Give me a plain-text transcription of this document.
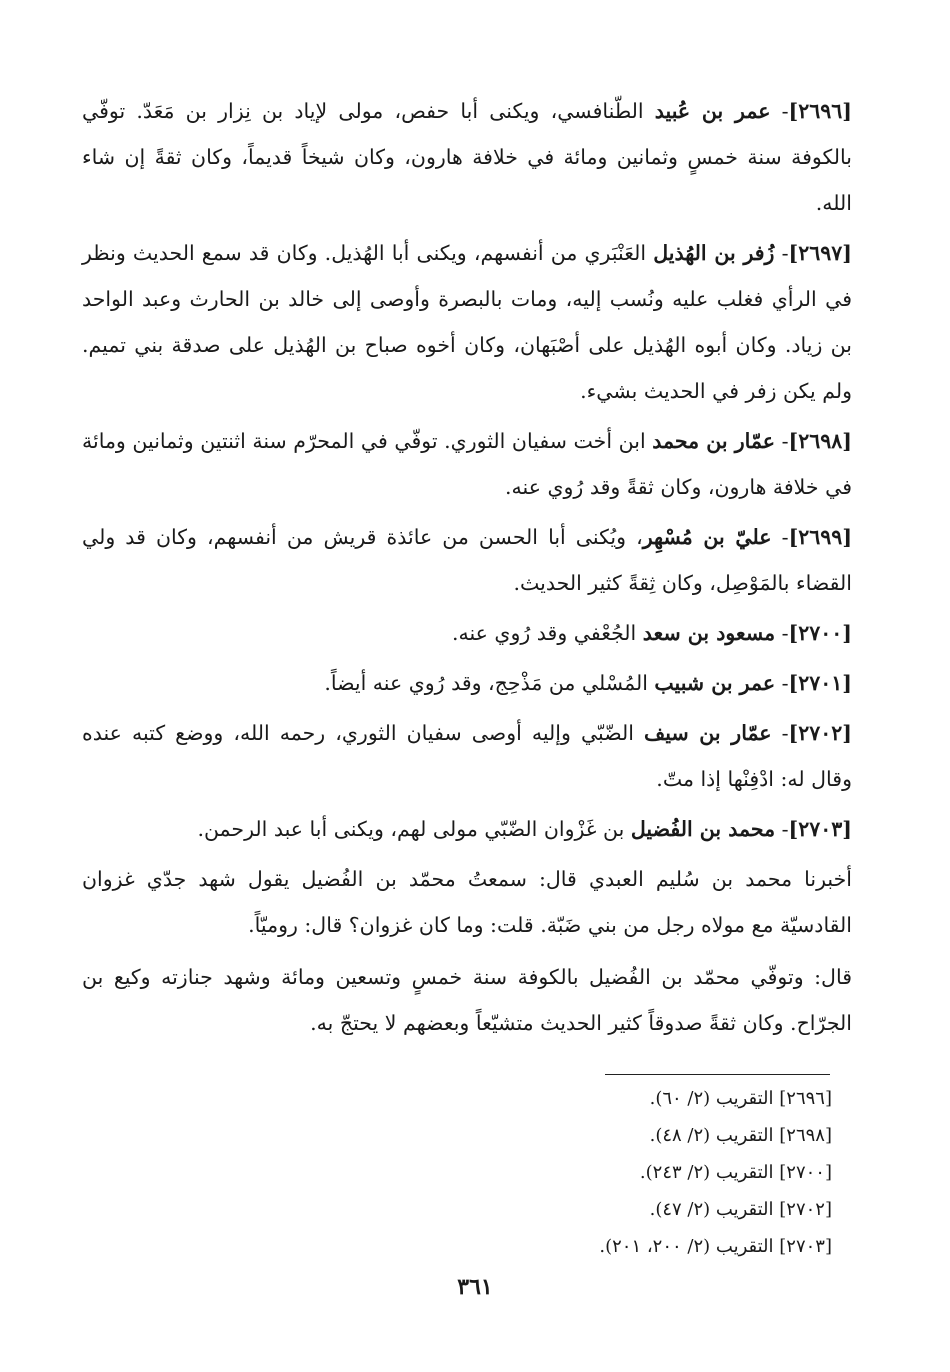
[٢٦٩٦]- عمر بن عُبيد الطّنافسي، ويكنى أبا حفص، مولى لإياد بن نِزار بن مَعَدّ. توفّي بالكوفة سنة خمسٍ وثمانين ومائة في خلافة هارون، وكان شيخاً قديماً، وكان ثقةً إن شاء الله.

[٢٦٩٧]- زُفر بن الهُذيل العَنْبَري من أنفسهم، ويكنى أبا الهُذيل. وكان قد سمع الحديث ونظر في الرأي فغلب عليه ونُسب إليه، ومات بالبصرة وأوصى إلى خالد بن الحارث وعبد الواحد بن زياد. وكان أبوه الهُذيل على أصْبَهان، وكان أخوه صباح بن الهُذيل على صدقة بني تميم. ولم يكن زفر في الحديث بشيء.

[٢٦٩٨]- عمّار بن محمد ابن أخت سفيان الثوري. توفّي في المحرّم سنة اثنتين وثمانين ومائة في خلافة هارون، وكان ثقةً وقد رُوي عنه.

[٢٦٩٩]- عليّ بن مُسْهِر، ويُكنى أبا الحسن من عائذة قريش من أنفسهم، وكان قد ولي القضاء بالمَوْصِل، وكان ثِقةً كثير الحديث.

[٢٧٠٠]- مسعود بن سعد الجُعْفي وقد رُوي عنه.

[٢٧٠١]- عمر بن شبيب المُسْلي من مَذْحِج، وقد رُوي عنه أيضاً.

[٢٧٠٢]- عمّار بن سيف الضّبّي وإليه أوصى سفيان الثوري، رحمه الله، ووضع كتبه عنده وقال له: ادْفِنْها إذا متّ.

[٢٧٠٣]- محمد بن الفُضيل بن غَزْوان الضّبّي مولى لهم، ويكنى أبا عبد الرحمن.

أخبرنا محمد بن سُليم العبدي قال: سمعتُ محمّد بن الفُضيل يقول شهد جدّي غزوان القادسيّة مع مولاه رجل من بني ضَبّة. قلت: وما كان غزوان؟ قال: روميّاً.

قال: وتوفّي محمّد بن الفُضيل بالكوفة سنة خمسٍ وتسعين ومائة وشهد جنازته وكيع بن الجرّاح. وكان ثقةً صدوقاً كثير الحديث متشيّعاً وبعضهم لا يحتجّ به.

[٢٦٩٦] التقريب (٢/ ٦٠).
[٢٦٩٨] التقريب (٢/ ٤٨).
[٢٧٠٠] التقريب (٢/ ٢٤٣).
[٢٧٠٢] التقريب (٢/ ٤٧).
[٢٧٠٣] التقريب (٢/ ٢٠٠، ٢٠١).
٣٦١
